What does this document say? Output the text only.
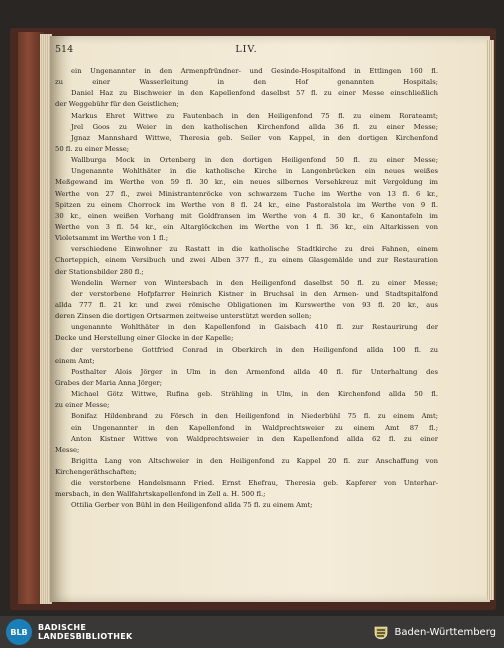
514	LIV.
ein Ungenannter in den Armenpfründner- und Gesinde-Hospitalfond in Ettlingen 160 fl.
zu einer Wasserleitung in den Hof genannten Hospitals;
Daniel Haz zu Bischweier in den Kapellenfond daselbst 57 fl. zu einer Messe einschließlich
der Weggebühr für den Geistlichen;
Markus Ehret Wittwe zu Fautenbach in den Heiligenfond 75 fl. zu einem Rorateamt;
Jrel Goos zu Weier in den katholischen Kirchenfond allda 36 fl. zu einer Messe;
Jgnaz Mannshard Wittwe, Theresia geb. Seiler von Kappel, in den dortigen Kirchenfond
50 fl. zu einer Messe;
Wallburga Mock in Ortenberg in den dortigen Heiligenfond 50 fl. zu einer Messe;
Ungenannte Wohlthäter in die katholische Kirche in Langenbrücken ein neues weißes
Meßgewand im Werthe von 59 fl. 30 kr., ein neues silbernes Versehkreuz mit Vergoldung im
Werthe von 27 fl., zwei Ministrantenröcke von schwarzem Tuche im Werthe von 13 fl. 6 kr.,
Spitzen zu einem Chorrock im Werthe von 8 fl. 24 kr., eine Pastoralstola im Werthe von 9 fl.
30 kr., einen weißen Vorhang mit Goldfransen im Werthe von 4 fl. 30 kr., 6 Kanontafeln im
Werthe von 3 fl. 54 kr., ein Altarglöckchen im Werthe von 1 fl. 36 kr., ein Altarkissen von
Violetsammt im Werthe von 1 fl.;
verschiedene Einwohner zu Rastatt in die katholische Stadtkirche zu drei Fahnen, einem
Chorteppich, einem Versibuch und zwei Alben 377 fl., zu einem Glasgemälde und zur Restauration
der Stationsbilder 280 fl.;
Wendelin Werner von Wintersbach in den Heiligenfond daselbst 50 fl. zu einer Messe;
der verstorbene Hofpfarrer Heinrich Kistner in Bruchsal in den Armen- und Stadtspitalfond
allda 777 fl. 21 kr. und zwei römische Obligationen im Kurswerthe von 93 fl. 20 kr., aus
deren Zinsen die dortigen Ortsarmen zeitweise unterstützt werden sollen;
ungenannte Wohlthäter in den Kapellenfond in Gaisbach 410 fl. zur Restaurirung der
Decke und Herstellung einer Glocke in der Kapelle;
der verstorbene Gottfried Conrad in Oberkirch in den Heiligenfond allda 100 fl. zu
einem Amt;
Posthalter Alois Jörger in Ulm in den Armenfond allda 40 fl. für Unterhaltung des
Grabes der Maria Anna Jörger;
Michael Götz Wittwe, Rufina geb. Strähling in Ulm, in den Kirchenfond allda 50 fl.
zu einer Messe;
Bonifaz Hildenbrand zu Försch in den Heiligenfond in Niederbühl 75 fl. zu einem Amt;
ein Ungenannter in den Kapellenfond in Waldprechtsweier zu einem Amt 87 fl.;
Anton Kistner Wittwe von Waldprechtsweier in den Kapellenfond allda 62 fl. zu einer
Messe;
Brigitta Lang von Altschweier in den Heiligenfond zu Kappel 20 fl. zur Anschaffung von
Kirchengeräthschaften;
die verstorbene Handelsmann Fried. Ernst Ehefrau, Theresia geb. Kapferer von Unterhar-
mersbach, in den Wallfahrtskapellenfond in Zell a. H. 500 fl.;
Ottilia Gerber von Bühl in den Heiligenfond allda 75 fl. zu einem Amt;
BLB	BADISCHE
LANDESBIBLIOTHEK	Baden-Württemberg
